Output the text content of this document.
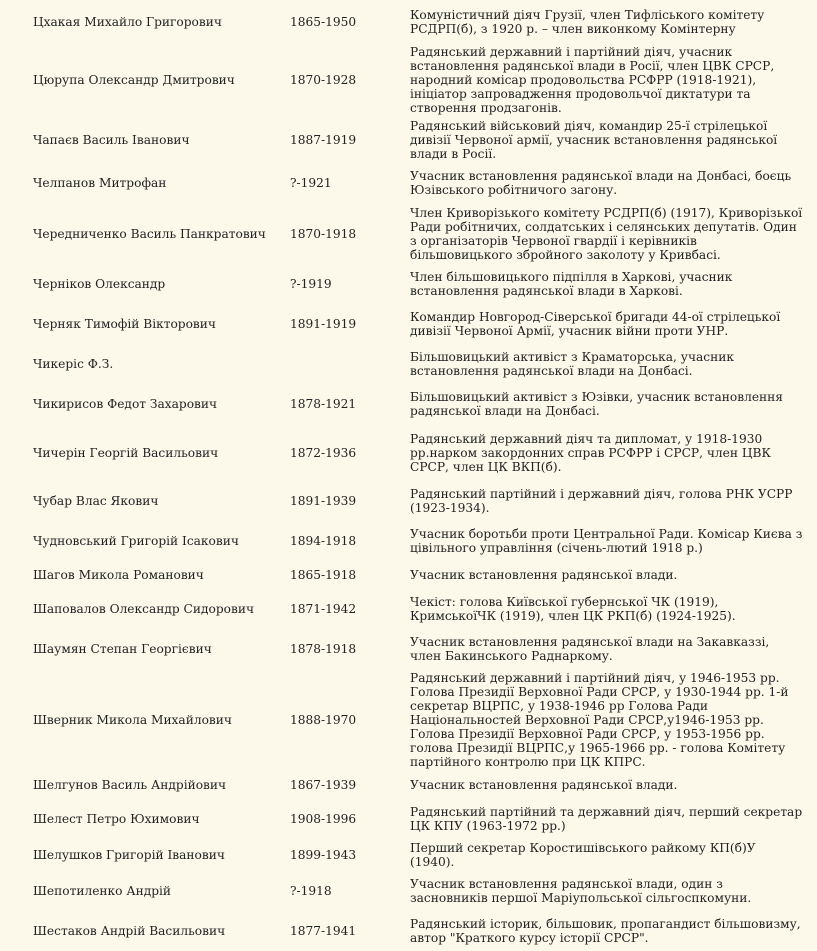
Цхакая Михайло Григорович	1865-1950	Комуністичний діяч Грузії, член Тифліського комітету РСДРП(б), з 1920 р. – член виконкому Комінтерну
Цюрупа Олександр Дмитрович	1870-1928	Радянський державний і партійний діяч, учасник встановлення радянської влади в Росії, член ЦВК СРСР, народний комісар продовольства РСФРР (1918-1921), ініціатор запровадження продовольчої диктатури та створення продзагонів.
Чапаєв Василь Іванович	1887-1919	Радянський військовий діяч, командир 25-ї стрілецької дивізії Червоної армії, учасник встановлення радянської влади в Росії.
Челпанов Митрофан	?-1921	Учасник встановлення радянської влади на Донбасі, боєць Юзівського робітничого загону.
Чередниченко Василь Панкратович	1870-1918	Член Криворізького комітету РСДРП(б) (1917), Криворізької Ради робітничих, солдатських і селянських депутатів. Один з організаторів Червоної гвардії і керівників більшовицького збройного заколоту у Кривбасі.
Черніков Олександр	?-1919	Член більшовицького підпілля в Харкові, учасник встановлення радянської влади в Харкові.
Черняк Тимофій Вікторович	1891-1919	Командир Новгород-Сіверської бригади 44-ої стрілецької дивізії Червоної Армії, учасник війни проти УНР.
Чикеріс Ф.З.		Більшовицький активіст з Краматорська, учасник встановлення радянської влади на Донбасі.
Чикирисов Федот Захарович	1878-1921	Більшовицький активіст з Юзівки, учасник встановлення радянської влади на Донбасі.
Чичерін Георгій Васильович	1872-1936	Радянський державний діяч та дипломат, у 1918-1930 рр.нарком закордонних справ РСФРР і СРСР, член ЦВК СРСР, член ЦК ВКП(б).
Чубар Влас Якович	1891-1939	Радянський партійний і державний діяч, голова РНК УСРР (1923-1934).
Чудновський Григорій Ісакович	1894-1918	Учасник боротьби проти Центральної Ради. Комісар Києва з цівільного управління (січень-лютий 1918 р.)
Шагов Микола Романович	1865-1918	Учасник встановлення радянської влади.
Шаповалов Олександр Сидорович	1871-1942	Чекіст: голова Київської губернської ЧК (1919), КримськоїЧК (1919), член ЦК РКП(б) (1924-1925).
Шаумян Степан Георгієвич	1878-1918	Учасник встановлення радянської влади на Закавказзі, член Бакинського Раднаркому.
Шверник Микола Михайлович	1888-1970	Радянський державний і партійний діяч, у 1946-1953 рр. Голова Президії Верховної Ради СРСР, у 1930-1944 рр. 1-й секретар ВЦРПС, у 1938-1946 рр Голова Ради Національностей Верховної Ради СРСР,у1946-1953 рр. Голова Президії Верховної Ради СРСР, у 1953-1956 рр. голова Президії ВЦРПС,у 1965-1966 рр. - голова Комітету партійного контролю при ЦК КПРС.
Шелгунов Василь Андрійович	1867-1939	Учасник встановлення радянської влади.
Шелест Петро Юхимович	1908-1996	Радянський партійний та державний діяч, перший секретар ЦК КПУ (1963-1972 рр.)
Шелушков Григорій Іванович	1899-1943	Перший секретар Коростишівського райкому КП(б)У (1940).
Шепотиленко Андрій	?-1918	Учасник встановлення радянської влади, один з засновників першої Маріупольської сільгоспкомуни.
Шестаков Андрій Васильович	1877-1941	Радянський історик, більшовик, пропагандист більшовизму, автор "Краткого курсу історії СРСР".
